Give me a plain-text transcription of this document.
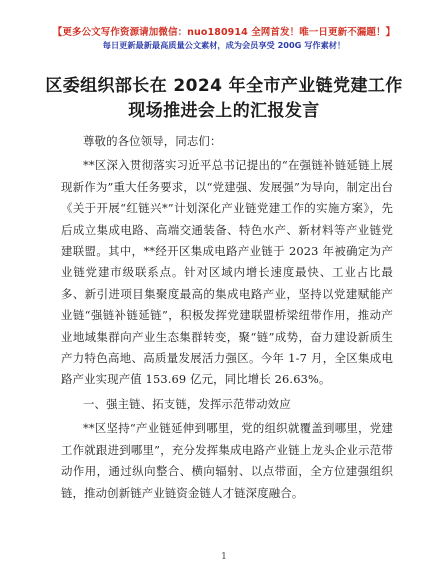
【更多公文写作资源请加微信：nuo180914 全网首发！唯一日更新不漏题！】
每日更新最新最高质量公文素材，成为会员享受 200G 写作素材！
区委组织部长在 2024 年全市产业链党建工作现场推进会上的汇报发言

尊敬的各位领导，同志们：

**区深入贯彻落实习近平总书记提出的“在强链补链延链上展现新作为”重大任务要求，以“党建强、发展强”为导向，制定出台《关于开展“红链兴*”计划深化产业链党建工作的实施方案》，先后成立集成电路、高端交通装备、特色水产、新材料等产业链党建联盟。其中，**经开区集成电路产业链于 2023 年被确定为产业链党建市级联系点。针对区域内增长速度最快、工业占比最多、新引进项目集聚度最高的集成电路产业，坚持以党建赋能产业链“强链补链延链”，积极发挥党建联盟桥梁纽带作用，推动产业地域集群向产业生态集群转变，聚“链”成势，奋力建设新质生产力特色高地、高质量发展活力强区。今年 1-7 月，全区集成电路产业实现产值 153.69 亿元，同比增长 26.63%。

一、强主链、拓支链，发挥示范带动效应

**区坚持“产业链延伸到哪里，党的组织就覆盖到哪里，党建工作就跟进到哪里”，充分发挥集成电路产业链上龙头企业示范带动作用，通过纵向整合、横向辐射、以点带面，全方位建强组织链，推动创新链产业链资金链人才链深度融合。

1
